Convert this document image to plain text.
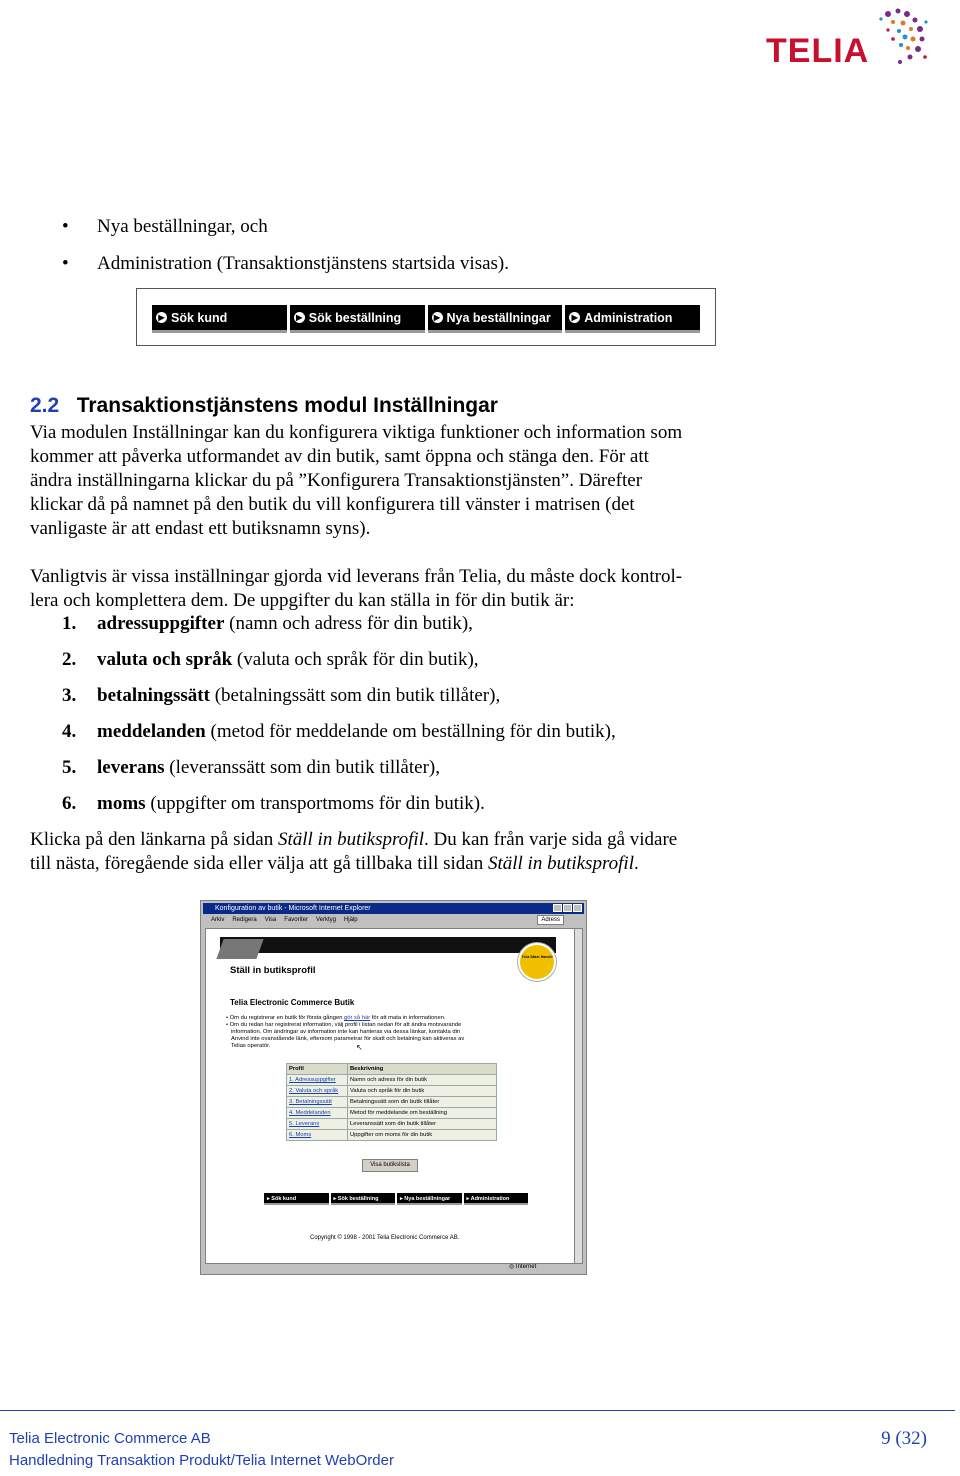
TELIA
• Nya beställningar, och
• Administration (Transaktionstjänstens startsida visas).
▶ Sök kund	▶ Sök beställning	▶ Nya beställningar	▶ Administration
2.2 Transaktionstjänstens modul Inställningar
Via modulen Inställningar kan du konfigurera viktiga funktioner och information som
kommer att påverka utformandet av din butik, samt öppna och stänga den. För att
ändra inställningarna klickar du på ”Konfigurera Transaktionstjänsten”. Därefter
klickar då på namnet på den butik du vill konfigurera till vänster i matrisen (det
vanligaste är att endast ett butiksnamn syns).
Vanligtvis är vissa inställningar gjorda vid leverans från Telia, du måste dock kontrol-
lera och komplettera dem. De uppgifter du kan ställa in för din butik är:
1. adressuppgifter (namn och adress för din butik),
2. valuta och språk (valuta och språk för din butik),
3. betalningssätt (betalningssätt som din butik tillåter),
4. meddelanden (metod för meddelande om beställning för din butik),
5. leverans (leveranssätt som din butik tillåter),
6. moms (uppgifter om transportmoms för din butik).
Klicka på den länkarna på sidan Ställ in butiksprofil. Du kan från varje sida gå vidare
till nästa, föregående sida eller välja att gå tillbaka till sidan Ställ in butiksprofil.
Konfiguration av butik - Microsoft Internet Explorer
Arkiv Redigera Visa Favoriter Verktyg Hjälp	Adress
Telia Säker Handel
Ställ in butiksprofil
Telia Electronic Commerce Butik
• Om du registrerar en butik för första gången gör så här för att mata in informationen.
• Om du redan har registrerat information, välj profil i listan nedan för att ändra motsvarande
information. Om ändringar av information inte kan hanteras via dessa länkar, kontakta din
Anvind inte ovanstående länk, eftersom parametrar för skatt och betalning kan aktiveras av
Telias operatör.	↖
Profil	Beskrivning
1. Adressuppgifter	Namn och adress för din butik
2. Valuta och språk	Valuta och språk för din butik
3. Betalningssätt	Betalningssätt som din butik tillåter
4. Meddelanden	Metod för meddelande om beställning
5. Leverans	Leveranssätt som din butik tillåter
6. Moms	Uppgifter om moms för din butik
Visa butikslista
▸ Sök kund	▸ Sök beställning	▸ Nya beställningar	▸ Administration
Copyright © 1998 - 2001 Telia Electronic Commerce AB.
◎ Internet
Telia Electronic Commerce AB
Handledning Transaktion Produkt/Telia Internet WebOrder
9 (32)
